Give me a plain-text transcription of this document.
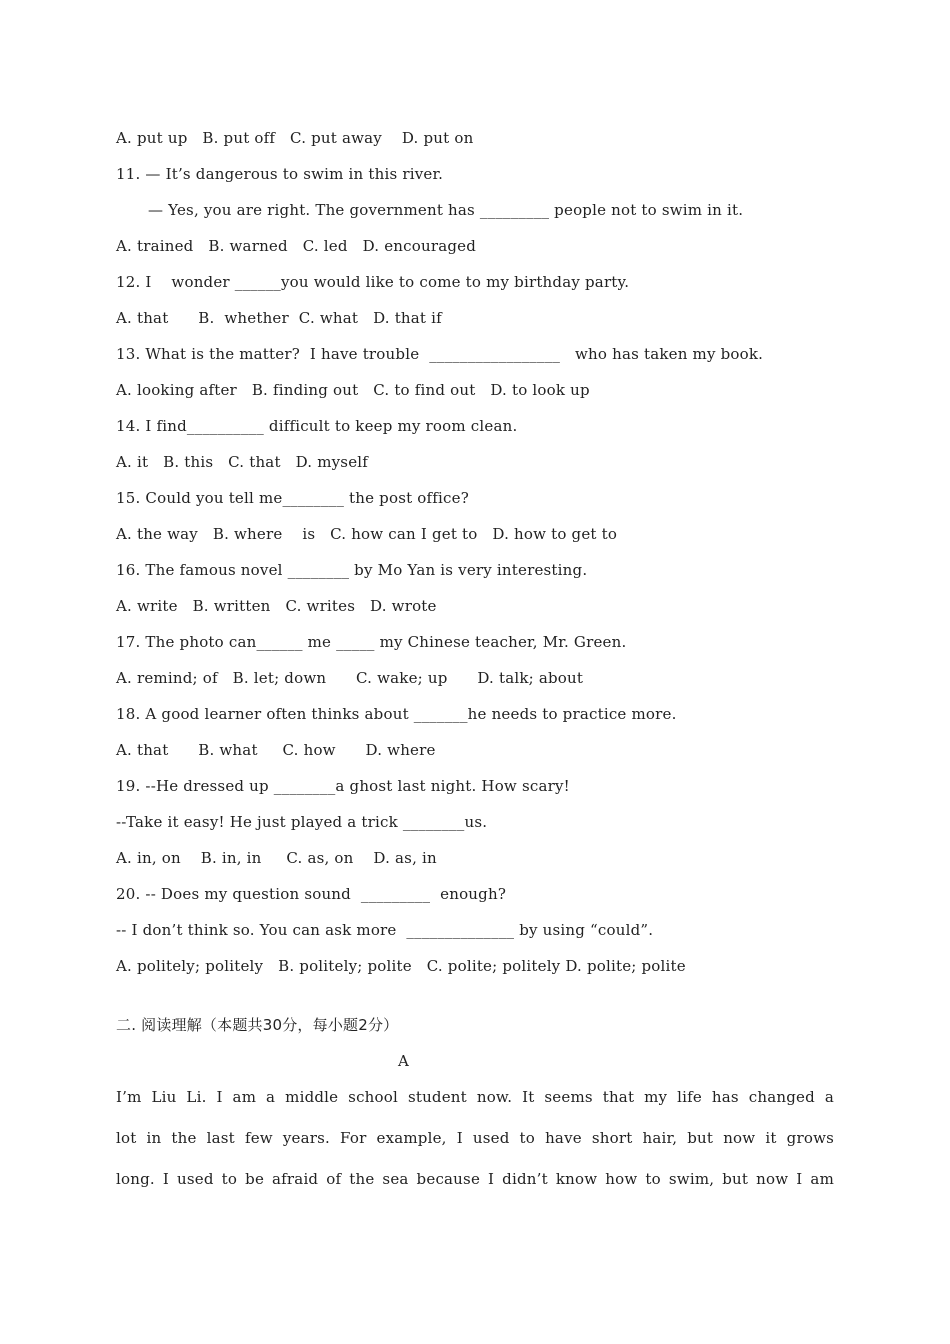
A. put up   B. put off   C. put away    D. put on
11. — It’s dangerous to swim in this river.
— Yes, you are right. The government has _________ people not to swim in it.
A. trained   B. warned   C. led   D. encouraged
12. I    wonder ______you would like to come to my birthday party.
A. that      B.  whether  C. what   D. that if
13. What is the matter?  I have trouble  _________________   who has taken my book.
A. looking after   B. finding out   C. to find out   D. to look up
14. I find__________ difficult to keep my room clean.
A. it   B. this   C. that   D. myself
15. Could you tell me________ the post office?
A. the way   B. where    is   C. how can I get to   D. how to get to
16. The famous novel ________ by Mo Yan is very interesting.
A. write   B. written   C. writes   D. wrote
17. The photo can______ me _____ my Chinese teacher, Mr. Green.
A. remind; of   B. let; down      C. wake; up      D. talk; about
18. A good learner often thinks about _______he needs to practice more.
A. that      B. what     C. how      D. where
19. --He dressed up ________a ghost last night. How scary!
--Take it easy! He just played a trick ________us.
A. in, on    B. in, in     C. as, on    D. as, in
20. -- Does my question sound  _________  enough?
-- I don’t think so. You can ask more  ______________ by using “could”.
A. politely; politely   B. politely; polite   C. polite; politely D. polite; polite
二. 阅读理解（本题共30分，每小题2分）
A
I’m Liu Li. I am a middle school student now. It seems that my life has changed a
lot in the last few years. For example, I used to have short hair, but now it grows
long. I used to be afraid of the sea because I didn’t know how to swim, but now I am
